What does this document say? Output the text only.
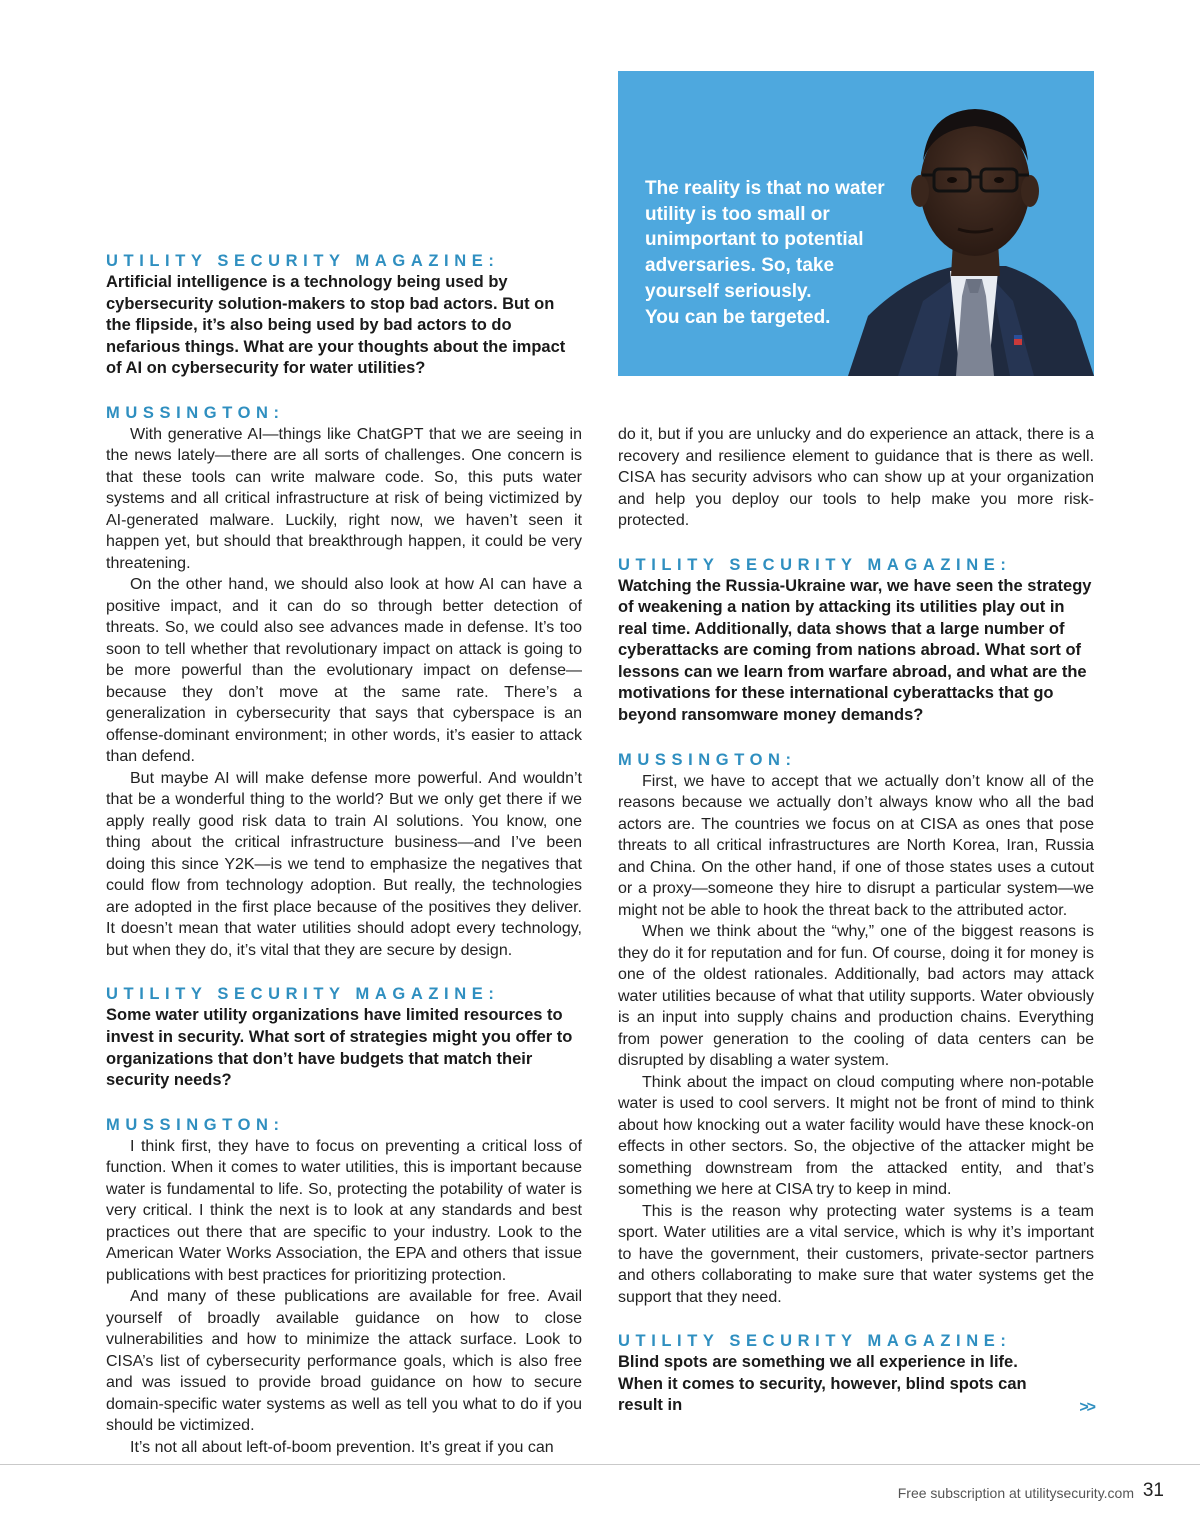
The reality is that no water
utility is too small or
unimportant to potential
adversaries. So, take
yourself seriously.
You can be targeted.
UTILITY SECURITY MAGAZINE:
Artificial intelligence is a technology being used by cybersecurity solution-makers to stop bad actors. But on the flipside, it’s also being used by bad actors to do nefarious things. What are your thoughts about the impact of AI on cybersecurity for water utilities?
MUSSINGTON:

With generative AI—things like ChatGPT that we are seeing in the news lately—there are all sorts of challenges. One concern is that these tools can write malware code. So, this puts water systems and all critical infrastructure at risk of being victimized by AI-generated malware. Luckily, right now, we haven’t seen it happen yet, but should that breakthrough happen, it could be very threatening.

On the other hand, we should also look at how AI can have a positive impact, and it can do so through better detection of threats. So, we could also see advances made in defense. It’s too soon to tell whether that revolutionary impact on attack is going to be more powerful than the evolutionary impact on defense—because they don’t move at the same rate. There’s a generalization in cybersecurity that says that cyberspace is an offense-dominant environment; in other words, it’s easier to attack than defend.

But maybe AI will make defense more powerful. And wouldn’t that be a wonderful thing to the world? But we only get there if we apply really good risk data to train AI solutions. You know, one thing about the critical infrastructure business—and I’ve been doing this since Y2K—is we tend to emphasize the negatives that could flow from technology adoption. But really, the technologies are adopted in the first place because of the positives they deliver. It doesn’t mean that water utilities should adopt every technology, but when they do, it’s vital that they are secure by design.

UTILITY SECURITY MAGAZINE:
Some water utility organizations have limited resources to invest in security. What sort of strategies might you offer to organizations that don’t have budgets that match their security needs?
MUSSINGTON:

I think first, they have to focus on preventing a critical loss of function. When it comes to water utilities, this is important because water is fundamental to life. So, protecting the potability of water is very critical. I think the next is to look at any standards and best practices out there that are specific to your industry. Look to the American Water Works Association, the EPA and others that issue publications with best practices for prioritizing protection.

And many of these publications are available for free. Avail yourself of broadly available guidance on how to close vulnerabilities and how to minimize the attack surface. Look to CISA’s list of cybersecurity performance goals, which is also free and was issued to provide broad guidance on how to secure domain-specific water systems as well as tell you what to do if you should be victimized.

It’s not all about left-of-boom prevention. It’s great if you can

do it, but if you are unlucky and do experience an attack, there is a recovery and resilience element to guidance that is there as well. CISA has security advisors who can show up at your organization and help you deploy our tools to help make you more risk-protected.

UTILITY SECURITY MAGAZINE:
Watching the Russia-Ukraine war, we have seen the strategy of weakening a nation by attacking its utilities play out in real time. Additionally, data shows that a large number of cyberattacks are coming from nations abroad. What sort of lessons can we learn from warfare abroad, and what are the motivations for these international cyberattacks that go beyond ransomware money demands?
MUSSINGTON:

First, we have to accept that we actually don’t know all of the reasons because we actually don’t always know who all the bad actors are. The countries we focus on at CISA as ones that pose threats to all critical infrastructures are North Korea, Iran, Russia and China. On the other hand, if one of those states uses a cutout or a proxy—someone they hire to disrupt a particular system—we might not be able to hook the threat back to the attributed actor.

When we think about the “why,” one of the biggest reasons is they do it for reputation and for fun. Of course, doing it for money is one of the oldest rationales. Additionally, bad actors may attack water utilities because of what that utility supports. Water obviously is an input into supply chains and production chains. Everything from power generation to the cooling of data centers can be disrupted by disabling a water system.

Think about the impact on cloud computing where non-potable water is used to cool servers. It might not be front of mind to think about how knocking out a water facility would have these knock-on effects in other sectors. So, the objective of the attacker might be something downstream from the attacked entity, and that’s something we here at CISA try to keep in mind.

This is the reason why protecting water systems is a team sport. Water utilities are a vital service, which is why it’s important to have the government, their customers, private-sector partners and others collaborating to make sure that water systems get the support that they need.

UTILITY SECURITY MAGAZINE:
Blind spots are something we all experience in life. When it comes to security, however, blind spots can result in	>>
Free subscription at utilitysecurity.com 31
